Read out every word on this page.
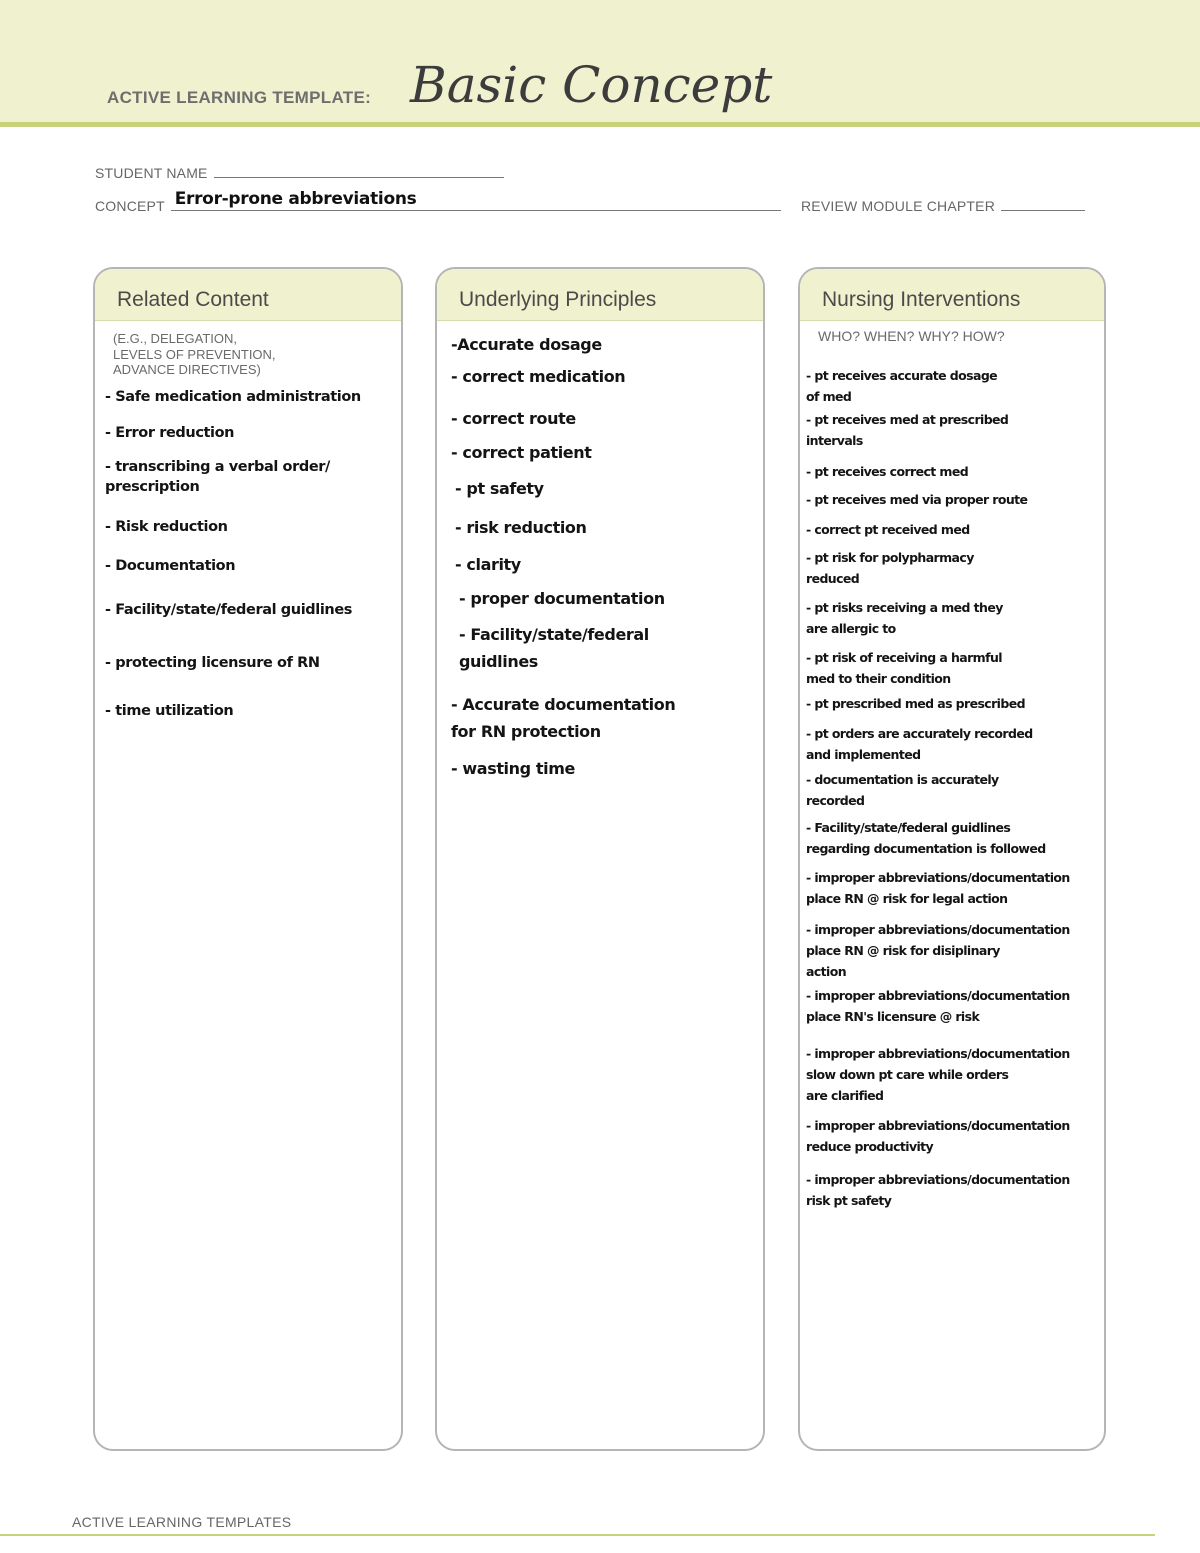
ACTIVE LEARNING TEMPLATE: Basic Concept
STUDENT NAME
CONCEPT Error-prone abbreviations	REVIEW MODULE CHAPTER
Related Content
(E.G., DELEGATION,
LEVELS OF PREVENTION,
ADVANCE DIRECTIVES)
- Safe medication administration
- Error reduction
- transcribing a verbal order/
prescription
- Risk reduction
- Documentation
- Facility/state/federal guidlines
- protecting licensure of RN
- time utilization
Underlying Principles
-Accurate dosage
- correct medication
- correct route
- correct patient
- pt safety
- risk reduction
- clarity
- proper documentation
- Facility/state/federal
guidlines
- Accurate documentation
for RN protection
- wasting time
Nursing Interventions
WHO? WHEN? WHY? HOW?
- pt receives accurate dosage
of med
- pt receives med at prescribed
intervals
- pt receives correct med
- pt receives med via proper route
- correct pt received med
- pt risk for polypharmacy
reduced
- pt risks receiving a med they
are allergic to
- pt risk of receiving a harmful
med to their condition
- pt prescribed med as prescribed
- pt orders are accurately recorded
and implemented
- documentation is accurately
recorded
- Facility/state/federal guidlines
regarding documentation is followed
- improper abbreviations/documentation
place RN @ risk for legal action
- improper abbreviations/documentation
place RN @ risk for disiplinary
action
- improper abbreviations/documentation
place RN's licensure @ risk
- improper abbreviations/documentation
slow down pt care while orders
are clarified
- improper abbreviations/documentation
reduce productivity
- improper abbreviations/documentation
risk pt safety
ACTIVE LEARNING TEMPLATES
